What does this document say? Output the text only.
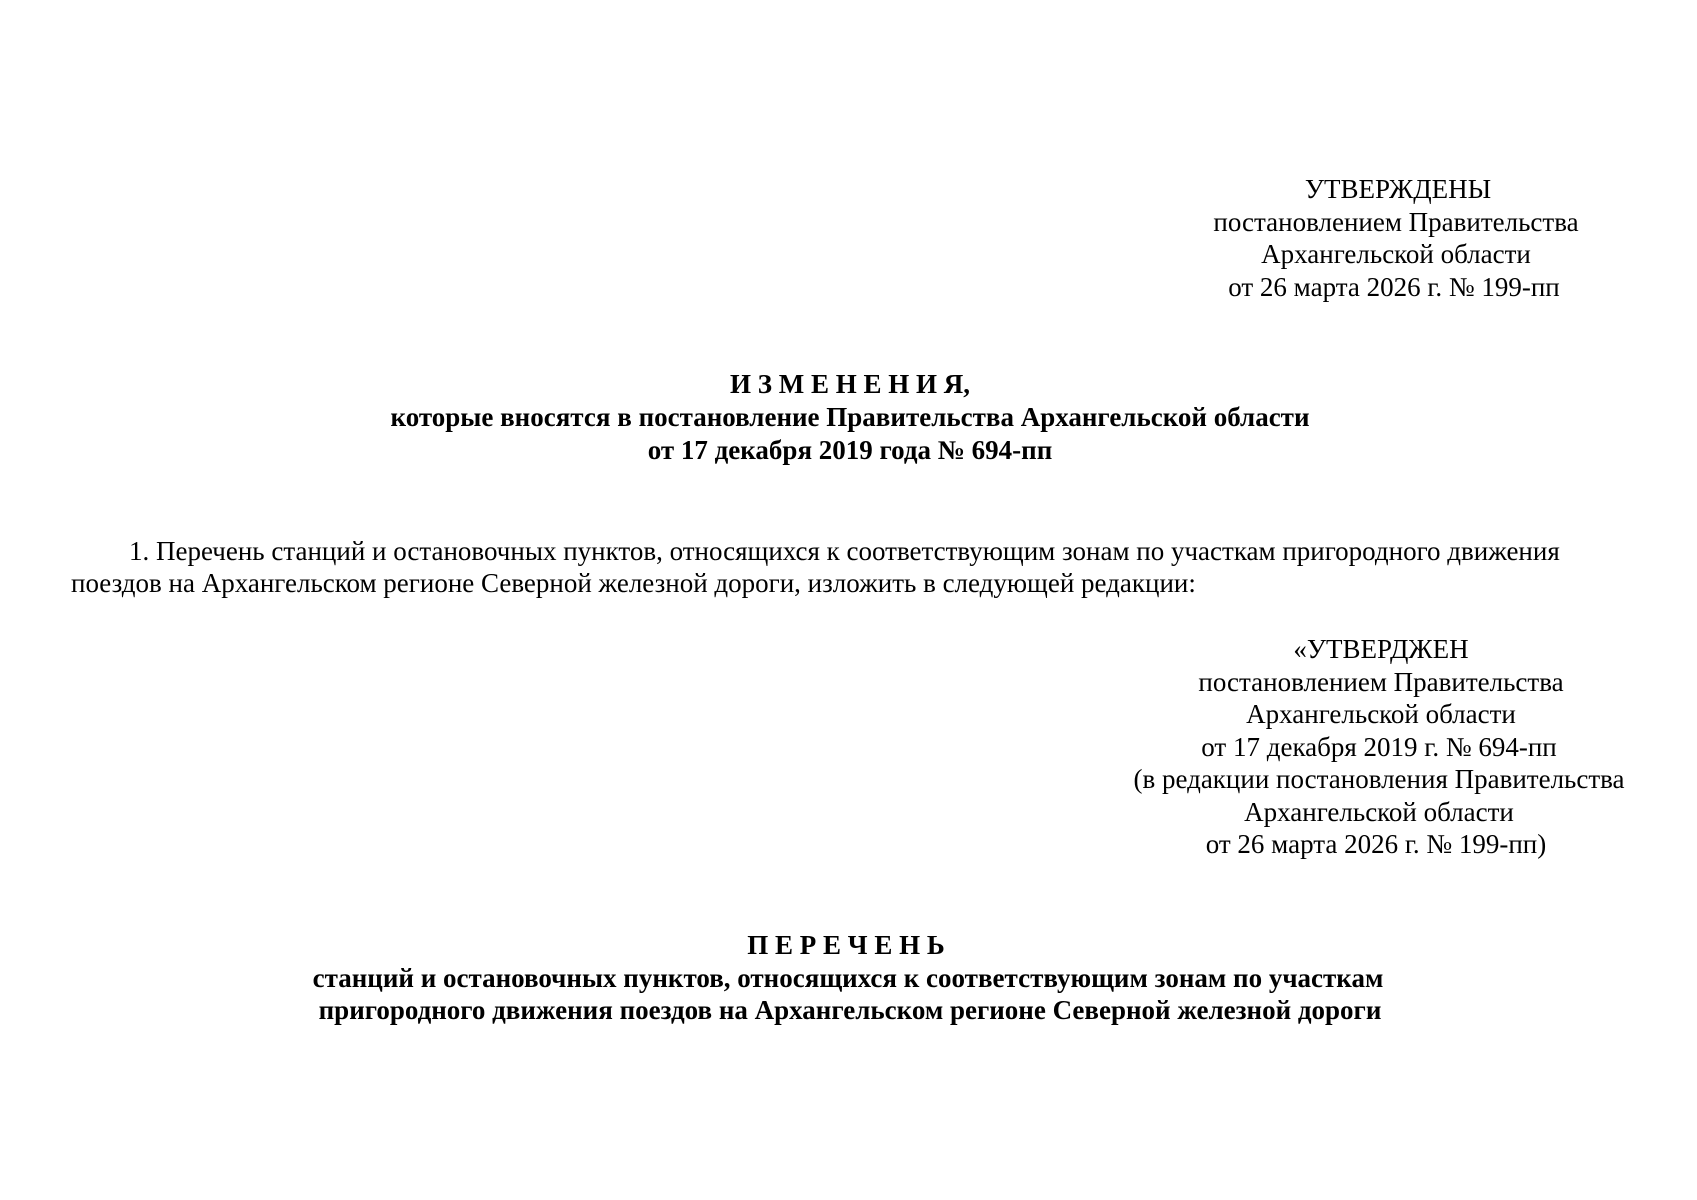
УТВЕРЖДЕНЫ
постановлением Правительства
Архангельской области
от 26 марта 2026 г. № 199-пп
И З М Е Н Е Н И Я,
которые вносятся в постановление Правительства Архангельской области
от 17 декабря 2019 года № 694-пп
1. Перечень станций и остановочных пунктов, относящихся к соответствующим зонам по участкам пригородного движения
поездов на Архангельском регионе Северной железной дороги, изложить в следующей редакции:
«УТВЕРДЖЕН
постановлением Правительства
Архангельской области
от 17 декабря 2019 г. № 694-пп
(в редакции постановления Правительства
Архангельской области
от 26 марта 2026 г. № 199-пп)
П Е Р Е Ч Е Н Ь
станций и остановочных пунктов, относящихся к соответствующим зонам по участкам
пригородного движения поездов на Архангельском регионе Северной железной дороги
